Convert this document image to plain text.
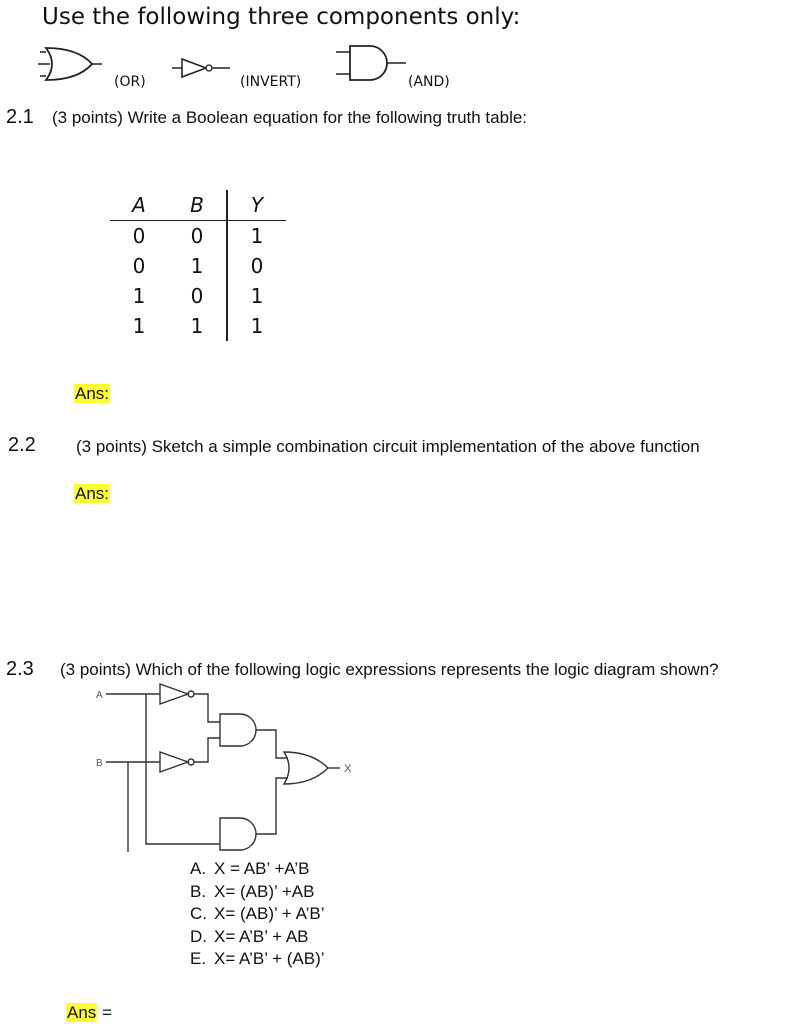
Use the following three components only:
(OR)	(INVERT)	(AND)
2.1 (3 points) Write a Boolean equation for the following truth table:
A	B	Y
0	0	1
0	1	0
1	0	1
1	1	1
Ans:
2.2 (3 points) Sketch a simple combination circuit implementation of the above function
Ans:
2.3 (3 points) Which of the following logic expressions represents the logic diagram shown?
A
B	X
A. X = AB’ +A’B
B. X= (AB)’ +AB
C. X= (AB)’ + A’B’
D. X= A’B’ + AB
E. X= A’B’ + (AB)’
Ans =
